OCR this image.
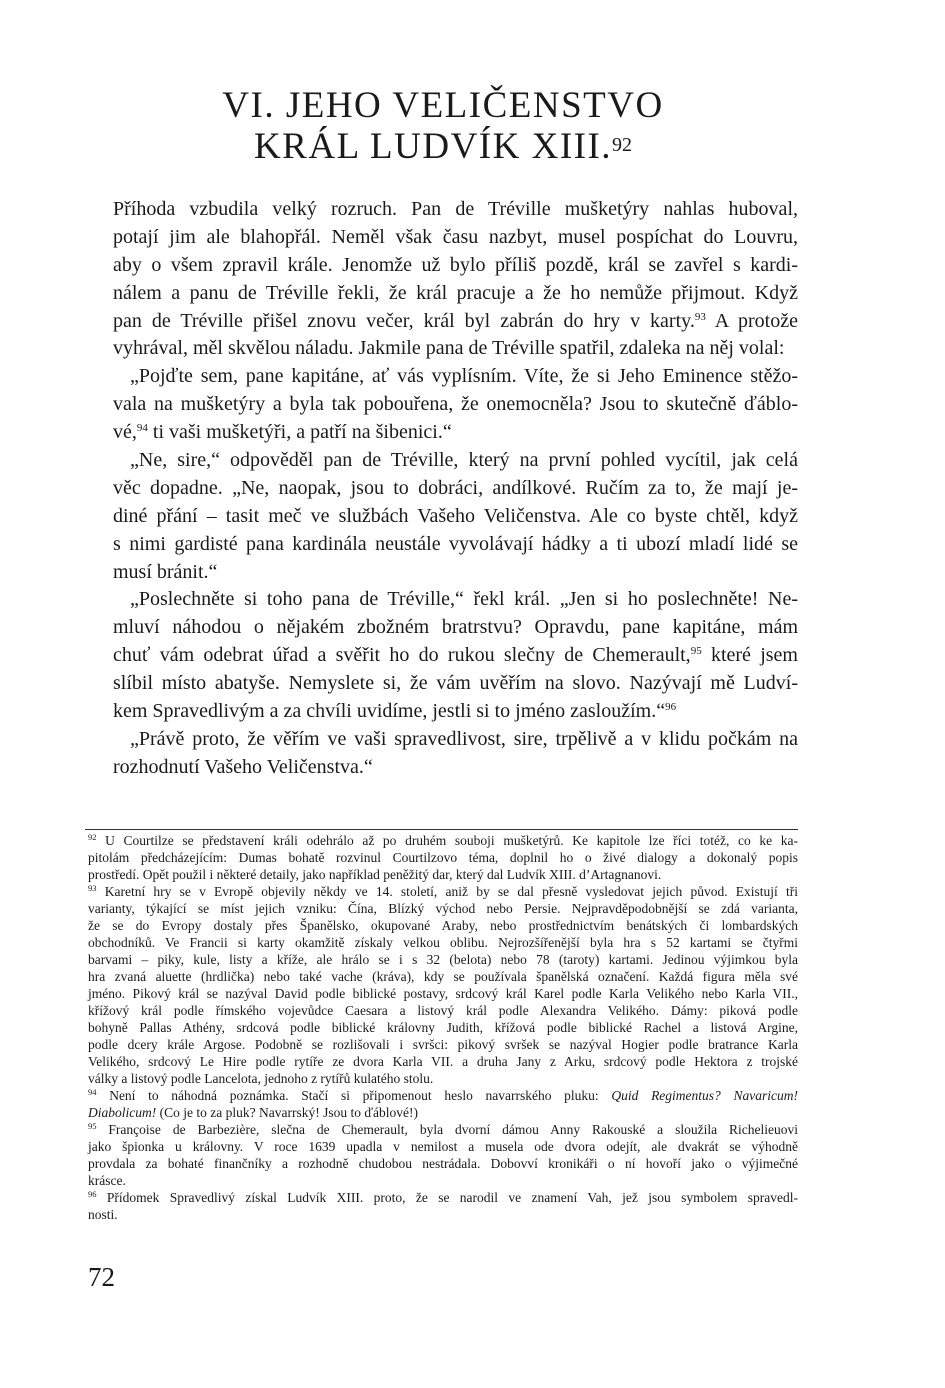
VI. JEHO VELIČENSTVO
KRÁL LUDVÍK XIII.$^{92}$
Příhoda vzbudila velký rozruch. Pan de Tréville mušketýry nahlas huboval,
potají jim ale blahopřál. Neměl však času nazbyt, musel pospíchat do Louvru,
aby o všem zpravil krále. Jenomže už bylo příliš pozdě, král se zavřel s kardi-
nálem a panu de Tréville řekli, že král pracuje a že ho nemůže přijmout. Když
pan de Tréville přišel znovu večer, král byl zabrán do hry v karty.$^{93}$ A protože
vyhrával, měl skvělou náladu. Jakmile pana de Tréville spatřil, zdaleka na něj volal:
„Pojďte sem, pane kapitáne, ať vás vyplísním. Víte, že si Jeho Eminence stěžo-
vala na mušketýry a byla tak pobouřena, že onemocněla? Jsou to skutečně ďáblo-
vé,$^{94}$ ti vaši mušketýři, a patří na šibenici.“
„Ne, sire,“ odpověděl pan de Tréville, který na první pohled vycítil, jak celá
věc dopadne. „Ne, naopak, jsou to dobráci, andílkové. Ručím za to, že mají je-
diné přání – tasit meč ve službách Vašeho Veličenstva. Ale co byste chtěl, když
s nimi gardisté pana kardinála neustále vyvolávají hádky a ti ubozí mladí lidé se
musí bránit.“
„Poslechněte si toho pana de Tréville,“ řekl král. „Jen si ho poslechněte! Ne-
mluví náhodou o nějakém zbožném bratrstvu? Opravdu, pane kapitáne, mám
chuť vám odebrat úřad a svěřit ho do rukou slečny de Chemerault,$^{95}$ které jsem
slíbil místo abatyše. Nemyslete si, že vám uvěřím na slovo. Nazývají mě Ludví-
kem Spravedlivým a za chvíli uvidíme, jestli si to jméno zasloužím.“$^{96}$
„Právě proto, že věřím ve vaši spravedlivost, sire, trpělivě a v klidu počkám na
rozhodnutí Vašeho Veličenstva.“
$^{92}$ U Courtilze se představení králi odehrálo až po druhém souboji mušketýrů. Ke kapitole lze říci totéž, co ke ka-
pitolám předcházejícím: Dumas bohatě rozvinul Courtilzovo téma, doplnil ho o živé dialogy a dokonalý popis
prostředí. Opět použil i některé detaily, jako například peněžitý dar, který dal Ludvík XIII. d’Artagnanovi.
$^{93}$ Karetní hry se v Evropě objevily někdy ve 14. století, aniž by se dal přesně vysledovat jejich původ. Existují tři
varianty, týkající se míst jejich vzniku: Čína, Blízký východ nebo Persie. Nejpravděpodobnější se zdá varianta,
že se do Evropy dostaly přes Španělsko, okupované Araby, nebo prostřednictvím benátských či lombardských
obchodníků. Ve Francii si karty okamžitě získaly velkou oblibu. Nejrozšířenější byla hra s 52 kartami se čtyřmi
barvami – piky, kule, listy a kříže, ale hrálo se i s 32 (belota) nebo 78 (taroty) kartami. Jedinou výjimkou byla
hra zvaná aluette (hrdlička) nebo také vache (kráva), kdy se používala španělská označení. Každá figura měla své
jméno. Pikový král se nazýval David podle biblické postavy, srdcový král Karel podle Karla Velikého nebo Karla VII.,
křížový král podle římského vojevůdce Caesara a listový král podle Alexandra Velikého. Dámy: piková podle
bohyně Pallas Athény, srdcová podle biblické královny Judith, křížová podle biblické Rachel a listová Argine,
podle dcery krále Argose. Podobně se rozlišovali i svršci: pikový svršek se nazýval Hogier podle bratrance Karla
Velikého, srdcový Le Hire podle rytíře ze dvora Karla VII. a druha Jany z Arku, srdcový podle Hektora z trojské
války a listový podle Lancelota, jednoho z rytířů kulatého stolu.
$^{94}$ Není to náhodná poznámka. Stačí si připomenout heslo navarrského pluku: Quid Regimentus? Navaricum!
Diabolicum! (Co je to za pluk? Navarrský! Jsou to ďáblové!)
$^{95}$ Françoise de Barbezière, slečna de Chemerault, byla dvorní dámou Anny Rakouské a sloužila Richelieuovi
jako špionka u královny. V roce 1639 upadla v nemilost a musela ode dvora odejít, ale dvakrát se výhodně
provdala za bohaté finančníky a rozhodně chudobou nestrádala. Dobovví kronikáři o ní hovoří jako o výjimečné
krásce.
$^{96}$ Přídomek Spravedlivý získal Ludvík XIII. proto, že se narodil ve znamení Vah, jež jsou symbolem spravedl-
nosti.
72
